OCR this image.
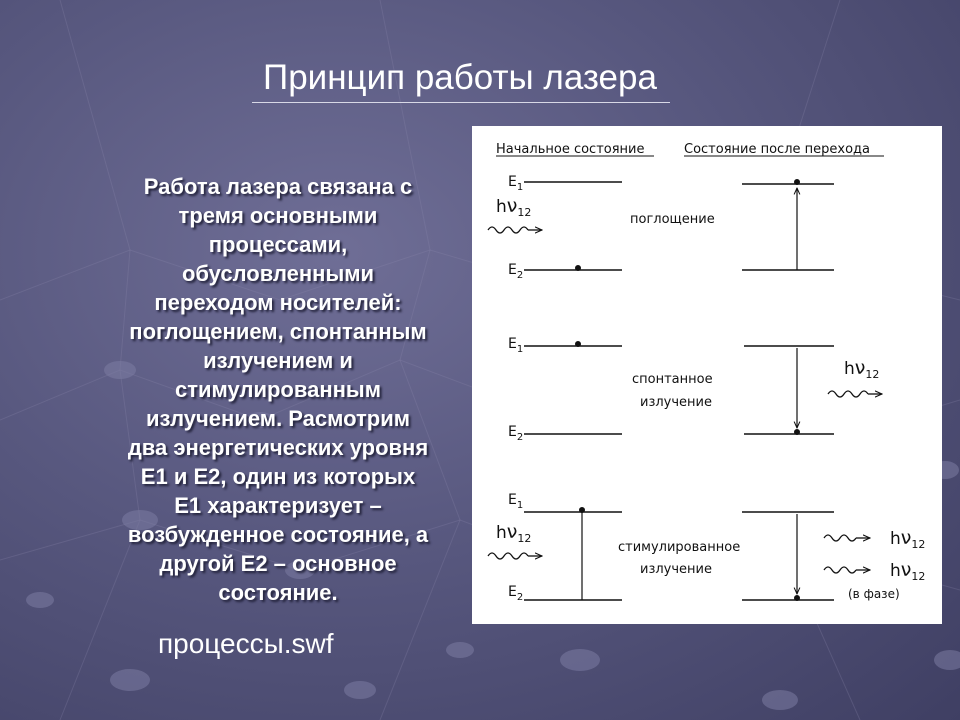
Принцип работы лазера
Работа лазера связана с
тремя основными
процессами,
обусловленными
переходом носителей:
поглощением, спонтанным
излучением и
стимулированным
излучением. Расмотрим
два энергетических уровня
Е1 и Е2, один из которых
Е1 характеризует –
возбужденное состояние, а
другой Е2 – основное
состояние.
процессы.swf
Начальное состояние	Состояние после перехода
$E_1$
$h\nu_{12}$	поглощение
$E_2$
$E_1$
спонтанное
излучение
$E_2$
$h\nu_{12}$
$E_1$
$h\nu_{12}$
$E_2$
стимулированное
излучение
$h\nu_{12}$
$h\nu_{12}$
(в фазе)
